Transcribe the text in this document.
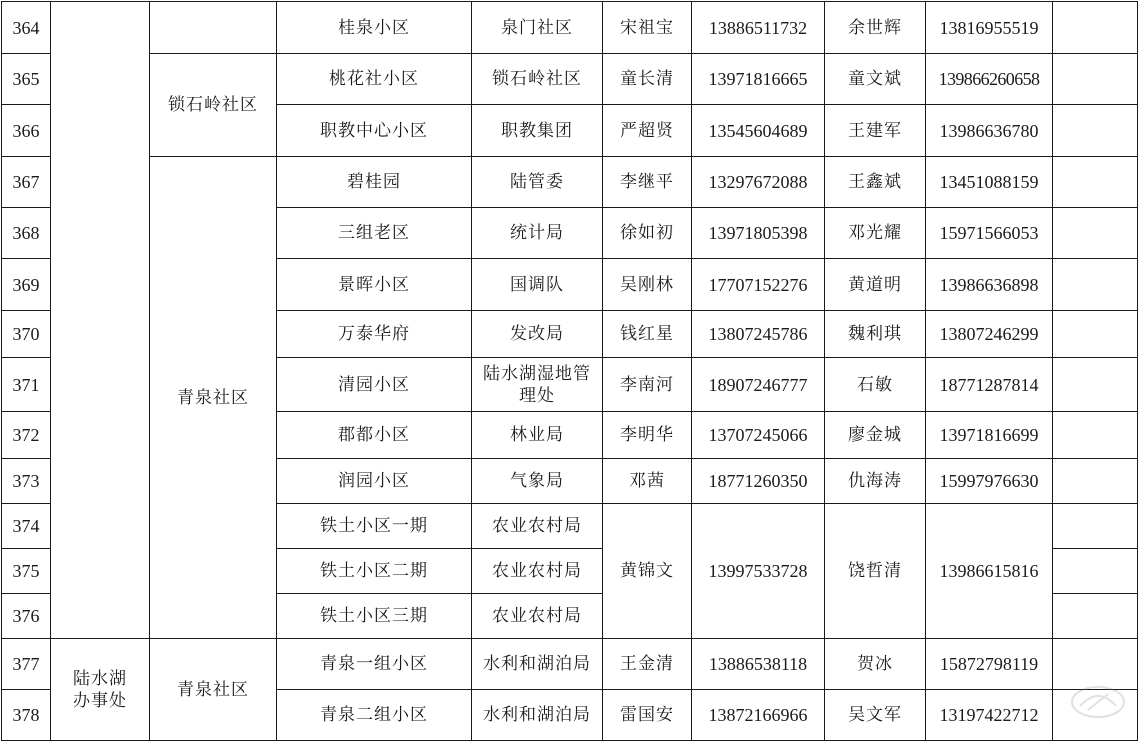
364			桂泉小区	泉门社区	宋祖宝	13886511732	余世辉	13816955519	
365		锁石岭社区	桃花社小区	锁石岭社区	童长清	13971816665	童文斌	139866260658	
366			职教中心小区	职教集团	严超贤	13545604689	王建军	13986636780	
367		青泉社区	碧桂园	陆管委	李继平	13297672088	王鑫斌	13451088159	
368			三组老区	统计局	徐如初	13971805398	邓光耀	15971566053	
369			景晖小区	国调队	吴刚林	17707152276	黄道明	13986636898	
370			万泰华府	发改局	钱红星	13807245786	魏利琪	13807246299	
371			清园小区	陆水湖湿地管
理处	李南河	18907246777	石敏	18771287814	
372			郡都小区	林业局	李明华	13707245066	廖金城	13971816699	
373			润园小区	气象局	邓茜	18771260350	仇海涛	15997976630	
374			铁土小区一期	农业农村局	黄锦文	13997533728	饶哲清	13986615816	
375			铁土小区二期	农业农村局					
376			铁土小区三期	农业农村局					
377	陆水湖
办事处	青泉社区	青泉一组小区	水利和湖泊局	王金清	13886538118	贺冰	15872798119	
378			青泉二组小区	水利和湖泊局	雷国安	13872166966	吴文军	13197422712	
